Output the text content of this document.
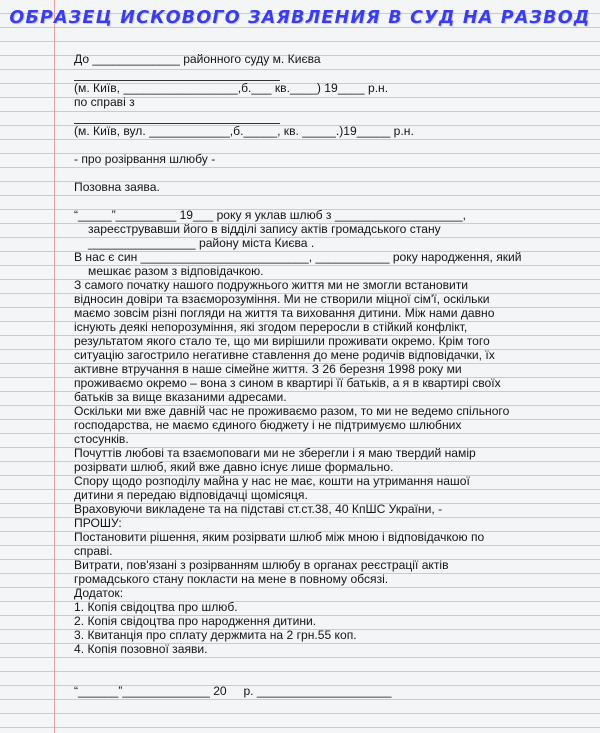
ОБРАЗЕЦ ИСКОВОГО ЗАЯВЛЕНИЯ В СУД НА РАЗВОД

До _____________ районного суду м. Києва

(м. Київ, _________________,б.___ кв.____) 19____ р.н.

по справі з

(м. Київ, вул. ____________,б._____, кв. _____.)19_____ р.н.

- про розірвання шлюбу -

Позовна заява.

“_____”_________ 19___ року я уклав шлюб з ___________________,

зареєструвавши його в відділі запису актів громадського стану

________________ району міста Києва .

В нас є син _________________________, ___________ року народження, який

мешкає разом з відповідачкою.

З самого початку нашого подружнього життя ми не змогли встановити

відносин довіри та взаєморозуміння. Ми не створили міцної сім'ї, оскільки

маємо зовсім різні погляди на життя та виховання дитини. Між нами давно

існують деякі непорозуміння, які згодом переросли в стійкий конфлікт,

результатом якого стало те, що ми вирішили проживати окремо. Крім того

ситуацію загострило негативне ставлення до мене родичів відповідачки, їх

активне втручання в наше сімейне життя. З 26 березня 1998 року ми

проживаємо окремо – вона з сином в квартирі її батьків, а я в квартирі своїх

батьків за вище вказаними адресами.

Оскільки ми вже давній час не проживаємо разом, то ми не ведемо спільного

господарства, не маємо єдиного бюджету і не підтримуємо шлюбних

стосунків.

Почуттів любові та взаємоповаги ми не зберегли і я маю твердий намір

розірвати шлюб, який вже давно існує лише формально.

Спору щодо розподілу майна у нас не має, кошти на утримання нашої

дитини я передаю відповідачці щомісяця.

Враховуючи викладене та на підставі ст.ст.38, 40 КпШС України, -

ПРОШУ:

Постановити рішення, яким розірвати шлюб між мною і відповідачкою по

справі.

Витрати, пов'язані з розірванням шлюбу в органах реєстрації актів

громадського стану покласти на мене в повному обсязі.

Додаток:

1. Копія свідоцтва про шлюб.

2. Копія свідоцтва про народження дитини.

3. Квитанція про сплату держмита на 2 грн.55 коп.

4. Копія позовної заяви.

“______”_____________ 20     р. ____________________
